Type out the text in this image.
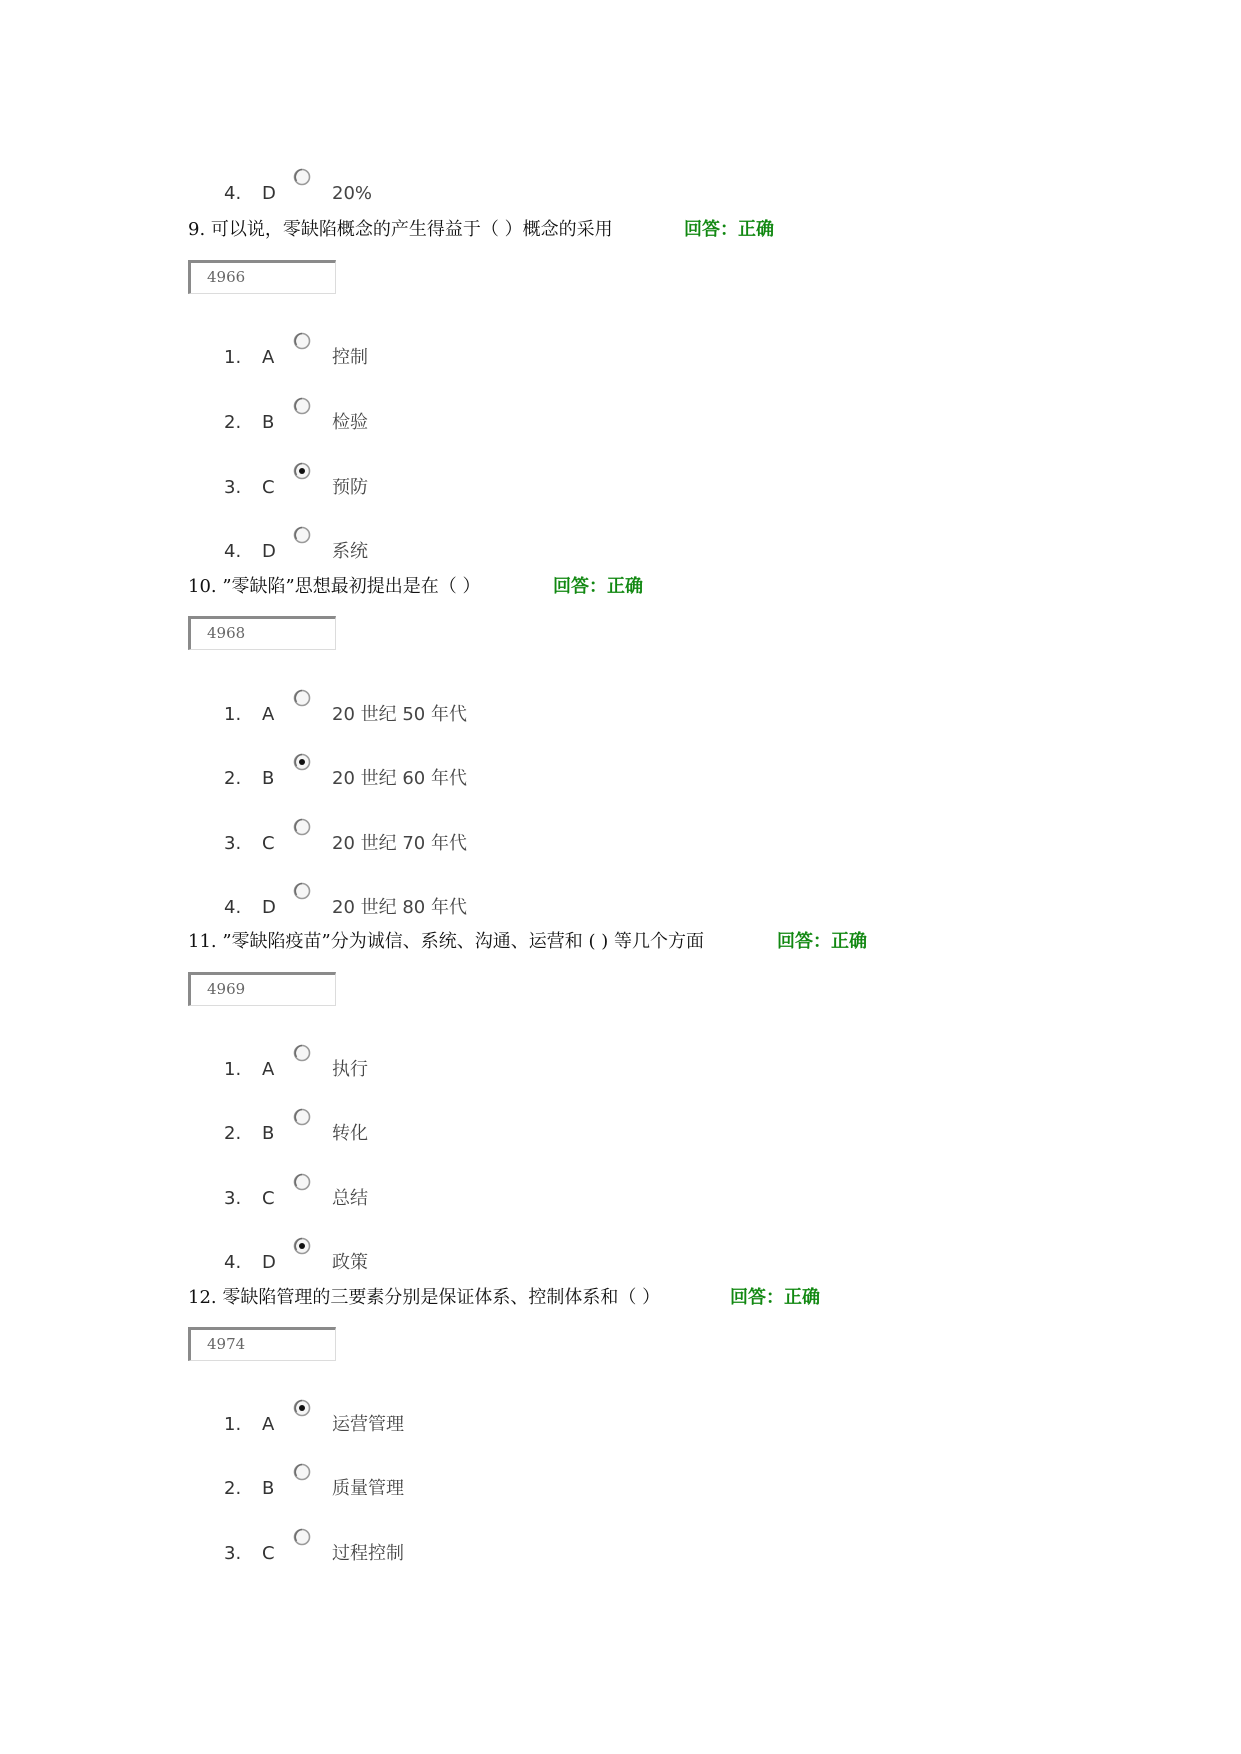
4. D	20%
9. 可以说，零缺陷概念的产生得益于（ ）概念的采用	回答：正确
4966
1. A	控制
2. B	检验
3. C	预防
4. D	系统
10. ”零缺陷”思想最初提出是在（ ）	回答：正确
4968
1. A	20 世纪 50 年代
2. B	20 世纪 60 年代
3. C	20 世纪 70 年代
4. D	20 世纪 80 年代
11. ”零缺陷疫苗”分为诚信、系统、沟通、运营和 ( ) 等几个方面	回答：正确
4969
1. A	执行
2. B	转化
3. C	总结
4. D	政策
12. 零缺陷管理的三要素分别是保证体系、控制体系和（ ）	回答：正确
4974
1. A	运营管理
2. B	质量管理
3. C	过程控制
